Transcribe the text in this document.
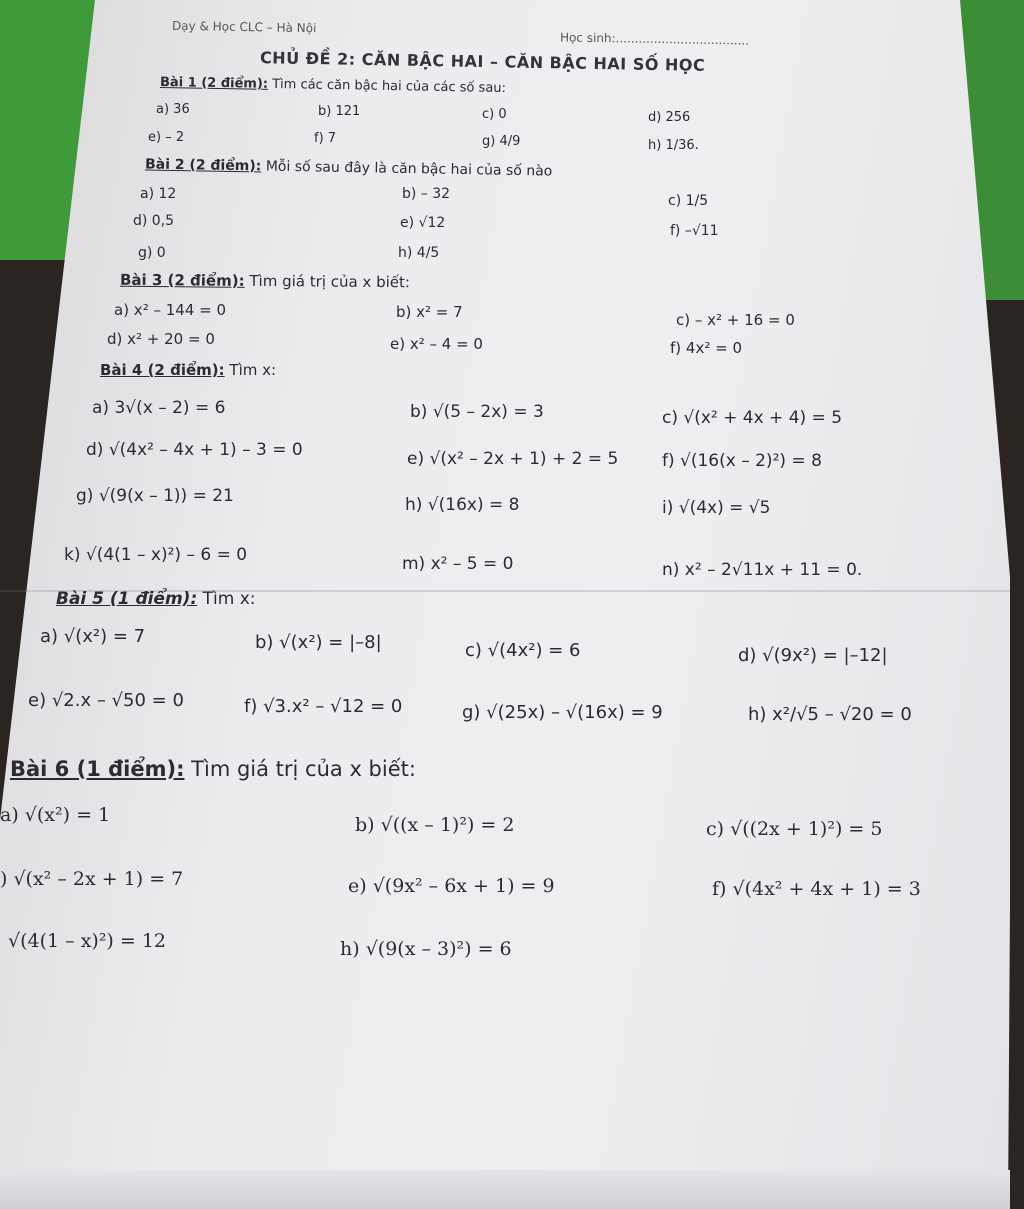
Dạy & Học CLC – Hà Nội
Học sinh:...................................
CHỦ ĐỀ 2: CĂN BẬC HAI – CĂN BẬC HAI SỐ HỌC
Bài 1 (2 điểm): Tìm các căn bậc hai của các số sau:
a) 36	b) 121	c) 0	d) 256
e) – 2	f) 7	g) 4/9	h) 1/36.
Bài 2 (2 điểm): Mỗi số sau đây là căn bậc hai của số nào
a) 12	b) – 32	c) 1/5
d) 0,5	e) √12	f) –√11
g) 0	h) 4/5
Bài 3 (2 điểm): Tìm giá trị của x biết:
a) x² – 144 = 0	b) x² = 7	c) – x² + 16 = 0
d) x² + 20 = 0	e) x² – 4 = 0	f) 4x² = 0
Bài 4 (2 điểm): Tìm x:
a) 3√(x – 2) = 6	b) √(5 – 2x) = 3	c) √(x² + 4x + 4) = 5
d) √(4x² – 4x + 1) – 3 = 0	e) √(x² – 2x + 1) + 2 = 5	f) √(16(x – 2)²) = 8
g) √(9(x – 1)) = 21	h) √(16x) = 8	i) √(4x) = √5
k) √(4(1 – x)²) – 6 = 0	m) x² – 5 = 0	n) x² – 2√11x + 11 = 0.
Bài 5 (1 điểm): Tìm x:
a) √(x²) = 7	b) √(x²) = |–8|	c) √(4x²) = 6	d) √(9x²) = |–12|
e) √2.x – √50 = 0	f) √3.x² – √12 = 0	g) √(25x) – √(16x) = 9	h) x²/√5 – √20 = 0
Bài 6 (1 điểm): Tìm giá trị của x biết:
a) √(x²) = 1	b) √((x – 1)²) = 2	c) √((2x + 1)²) = 5
) √(x² – 2x + 1) = 7	e) √(9x² – 6x + 1) = 9	f) √(4x² + 4x + 1) = 3
√(4(1 – x)²) = 12	h) √(9(x – 3)²) = 6
